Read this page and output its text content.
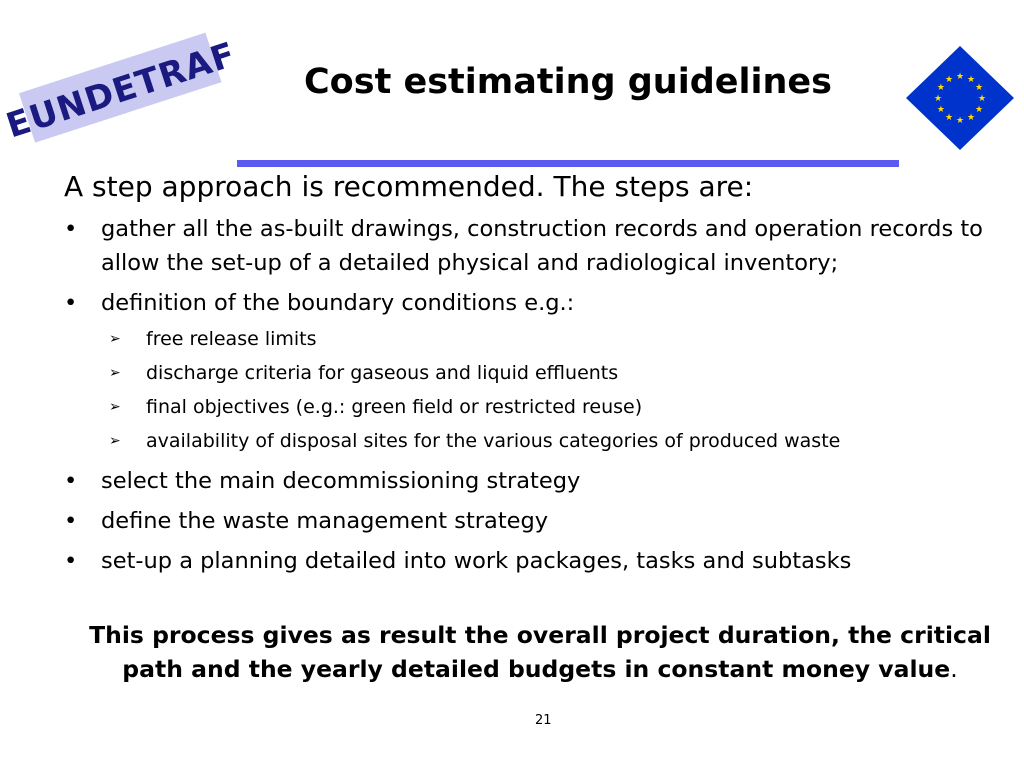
EUNDETRAF	Cost estimating guidelines	★
★
★
★
★
★
★
★
★ ★ ★
★
A step approach is recommended. The steps are:
• gather all the as-built drawings, construction records and operation records to allow the set-up of a detailed physical and radiological inventory;
• definition of the boundary conditions e.g.:
➢ free release limits
➢ discharge criteria for gaseous and liquid effluents
➢ final objectives (e.g.: green field or restricted reuse)
➢ availability of disposal sites for the various categories of produced waste
• select the main decommissioning strategy
• define the waste management strategy
• set-up a planning detailed into work packages, tasks and subtasks
This process gives as result the overall project duration, the critical path and the yearly detailed budgets in constant money value.
21
